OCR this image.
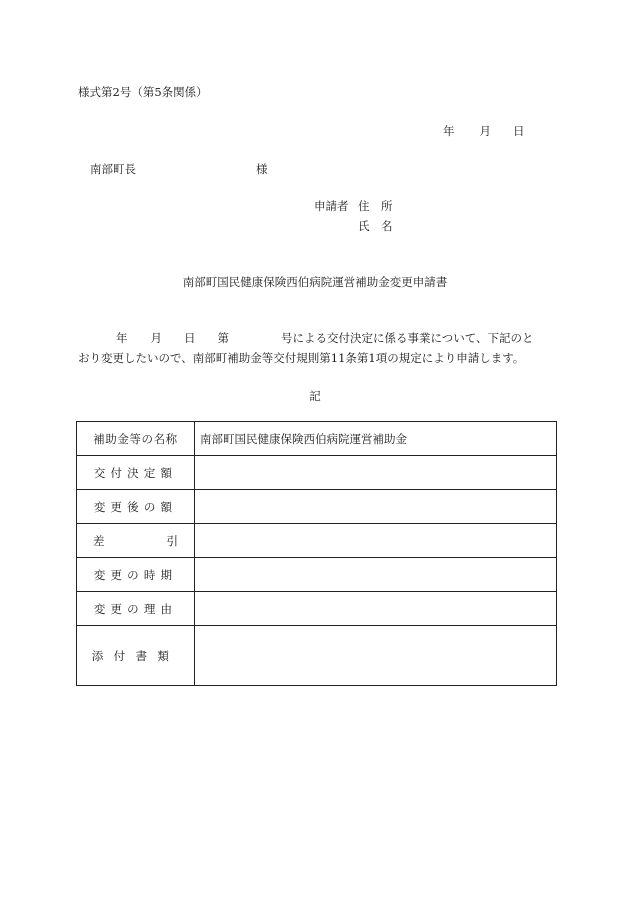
様式第2号（第5条関係）
年 月 日
南部町長	様
申請者 住　所
氏　名
南部町国民健康保険西伯病院運営補助金変更申請書
年 月 日 第	号による交付決定に係る事業について、下記のと
おり変更したいので、南部町補助金等交付規則第11条第1項の規定により申請します。
記
補助金等の名称	南部町国民健康保険西伯病院運営補助金
交付決定額	
変更後の額	
差 引	
変更の時期	
変更の理由	
添付書類	
